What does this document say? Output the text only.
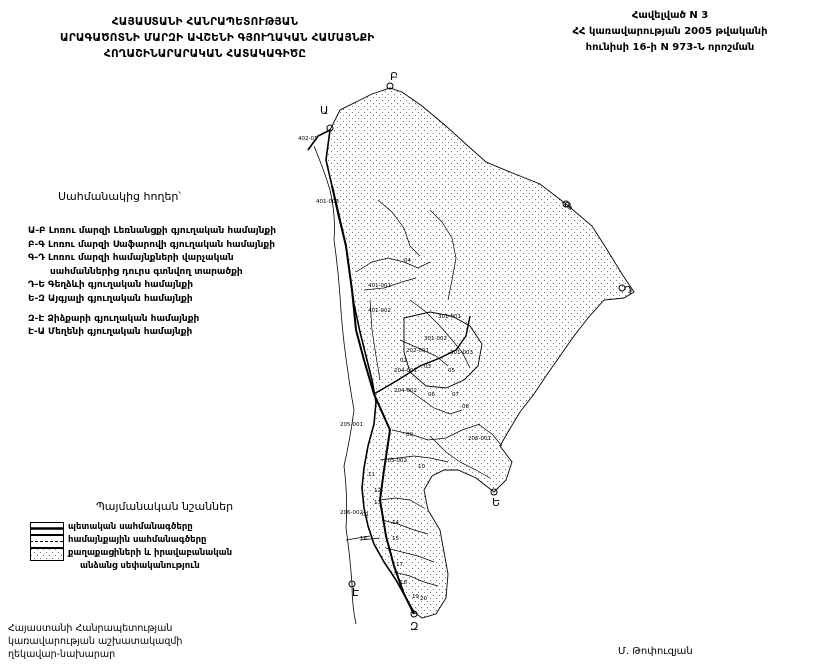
ՀԱՅԱՍՏԱՆԻ ՀԱՆՐԱՊԵՏՈՒԹՅԱՆ
ԱՐԱԳԱԾՈՏՆԻ ՄԱՐԶԻ ԱՎՇԵՆԻ ԳՅՈՒՂԱԿԱՆ ՀԱՄԱՅՆՔԻ
ՀՈՂԱՇԻՆԱՐԱՐԱԿԱՆ ՀԱՏԱԿԱԳԻԾԸ
Հավելված N 3
ՀՀ կառավարության 2005 թվականի
հունիսի 16-ի N 973-Ն որոշման
Սահմանակից հողեր՝
Ա-Բ Լոռու մարզի Լեռնանցքի գյուղական համայնքի
Բ-Գ Լոռու մարզի Սաֆարովի գյուղական համայնքի
Գ-Դ Լոռու մարզի համայնքների վարչական
սահմաններից դուրս գտնվող տարածքի
Դ-Ե Գեղձևի գյուղական համայնքի
Ե-Զ Այգյալի գյուղական համայնքի
Զ-Է Ձիձքարի գյուղական համայնքի
Է-Ա Մեղենի գյուղական համայնքի
Պայմանական նշաններ
պետական սահմանագծերը
համայնքային սահմանագծերը
քաղաքացիների և իրավաբանական
անձանց սեփականություն
Հայաստանի Հանրապետության
կառավարության աշխատակազմի
ղեկավար-նախարար	Մ. Թոփուզյան
Ա
Բ
Գ
Դ
Ե
Զ
Է
402-01
401-003
04
401-001
401-002
301-001
301-002
202-001	301-003
204-001
204-002
205-001
206-001
205-002
206-002 01
02
03
05
06	07
08
09
10
11
12
13
14
15
16
17
18
19 20
